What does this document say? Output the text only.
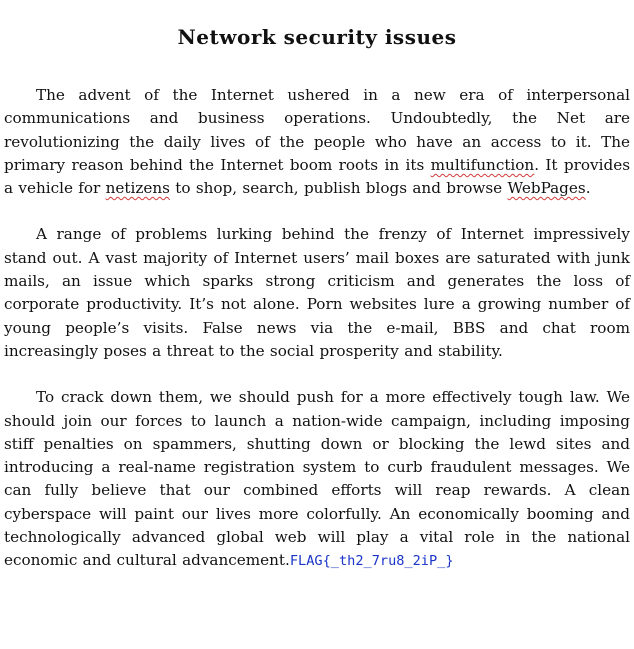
Network security issues

The advent of the Internet ushered in a new era of interpersonal communications and business operations. Undoubtedly, the Net are revolutionizing the daily lives of the people who have an access to it. The primary reason behind the Internet boom roots in its multifunction. It provides a vehicle for netizens to shop, search, publish blogs and browse WebPages.

A range of problems lurking behind the frenzy of Internet impressively stand out. A vast majority of Internet users’ mail boxes are saturated with junk mails, an issue which sparks strong criticism and generates the loss of corporate productivity. It’s not alone. Porn websites lure a growing number of young people’s visits. False news via the e-mail, BBS and chat room increasingly poses a threat to the social prosperity and stability.

To crack down them, we should push for a more effectively tough law. We should join our forces to launch a nation-wide campaign, including imposing stiff penalties on spammers, shutting down or blocking the lewd sites and introducing a real-name registration system to curb fraudulent messages. We can fully believe that our combined efforts will reap rewards. A clean cyberspace will paint our lives more colorfully. An economically booming and technologically advanced global web will play a vital role in the national economic and cultural advancement.FLAG{_th2_7ru8_2iP_}
